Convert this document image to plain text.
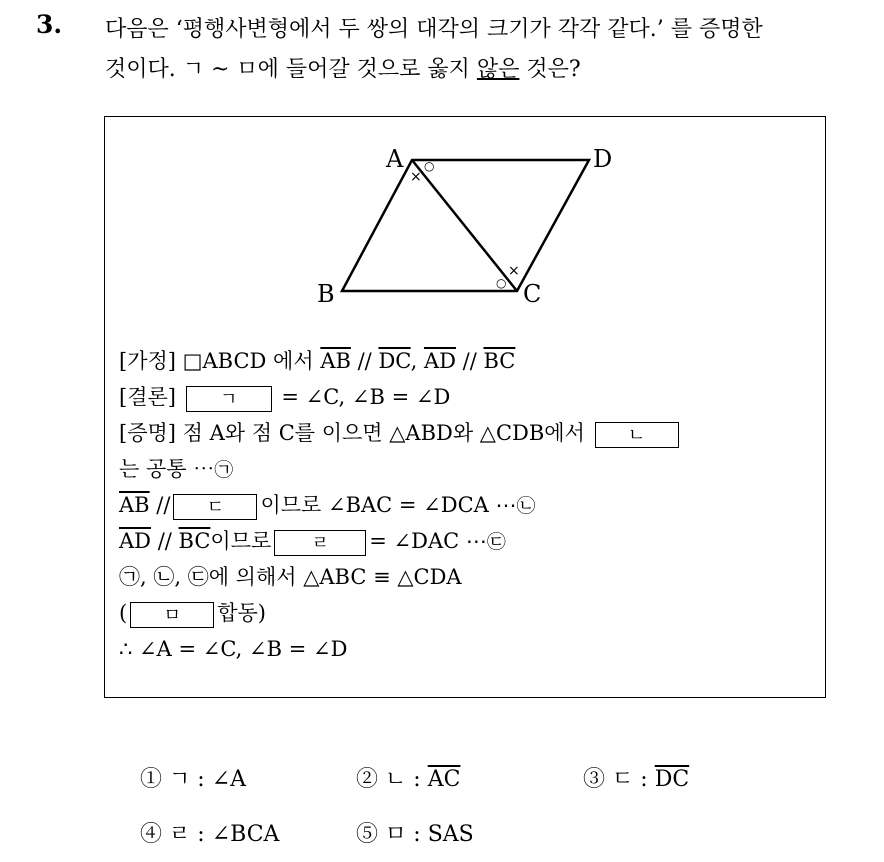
3. 다음은 ‘평행사변형에서 두 쌍의 대각의 크기가 각각 같다.’ 를 증명한
것이다. ㄱ ~ ㅁ에 들어갈 것으로 옳지 않은 것은?
A	D
B	C
○
×
○
×
[가정] □ABCD 에서 $\overline{AB} // \overline{DC}$, $\overline{AD} // \overline{BC}$
[결론] ㄱ = ∠C, ∠B = ∠D
[증명] 점 A와 점 C를 이으면 △ABD와 △CDB에서 ㄴ
는 공통 ⋯㉠
$\overline{AB}$ // ㄷ 이므로 ∠BAC = ∠DCA ⋯㉡
$\overline{AD} // \overline{BC}$이므로 ㄹ = ∠DAC ⋯㉢
㉠, ㉡, ㉢에 의해서 △ABC ≡ △CDA
( ㅁ 합동)
∴ ∠A = ∠C, ∠B = ∠D
① ㄱ : ∠A	② ㄴ : $\overline{AC}$	③ ㄷ : $\overline{DC}$
④ ㄹ : ∠BCA	⑤ ㅁ : SAS
